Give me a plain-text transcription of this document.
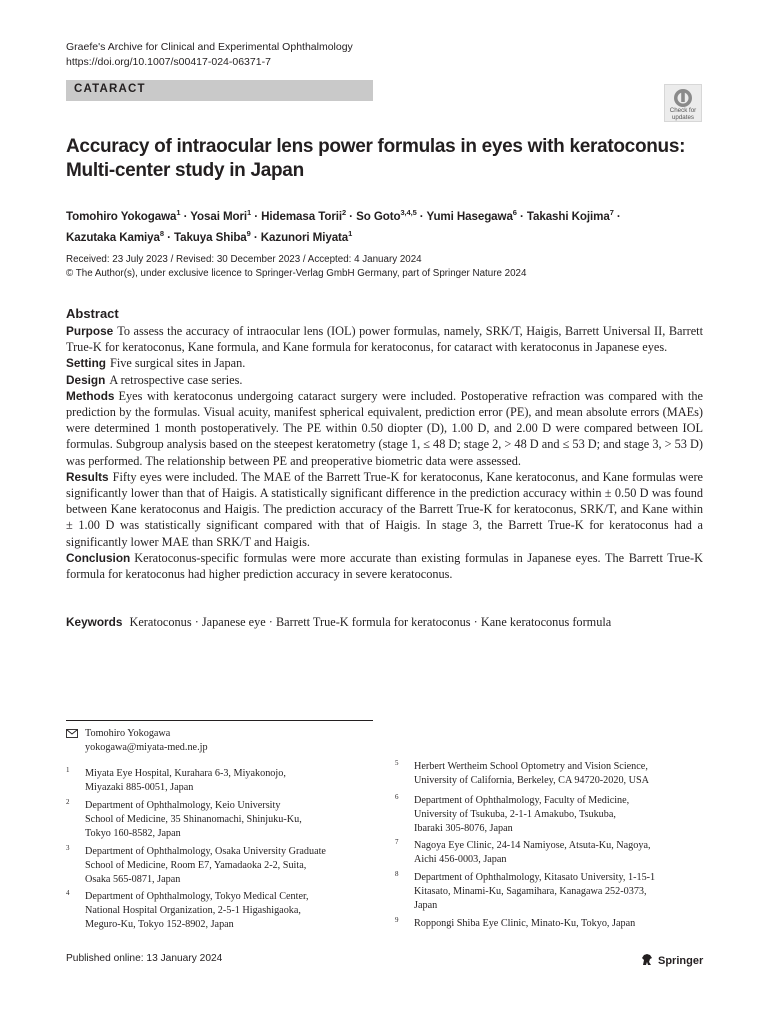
Graefe's Archive for Clinical and Experimental Ophthalmology
https://doi.org/10.1007/s00417-024-06371-7
CATARACT
Check for
updates
Accuracy of intraocular lens power formulas in eyes with keratoconus:
Multi-center study in Japan

Tomohiro Yokogawa$^1$ · Yosai Mori$^1$ · Hidemasa Torii$^2$ · So Goto$^{3,4,5}$ · Yumi Hasegawa$^6$ · Takashi Kojima$^7$ ·
Kazutaka Kamiya$^8$ · Takuya Shiba$^9$ · Kazunori Miyata$^1$

Received: 23 July 2023 / Revised: 30 December 2023 / Accepted: 4 January 2024
© The Author(s), under exclusive licence to Springer-Verlag GmbH Germany, part of Springer Nature 2024
Abstract

Purpose To assess the accuracy of intraocular lens (IOL) power formulas, namely, SRK/T, Haigis, Barrett Universal II, Barrett True-K for keratoconus, Kane formula, and Kane formula for keratoconus, for cataract with keratoconus in Japanese eyes.

Setting Five surgical sites in Japan.

Design A retrospective case series.

Methods Eyes with keratoconus undergoing cataract surgery were included. Postoperative refraction was compared with the prediction by the formulas. Visual acuity, manifest spherical equivalent, prediction error (PE), and mean absolute errors (MAEs) were determined 1 month postoperatively. The PE within 0.50 diopter (D), 1.00 D, and 2.00 D were compared between IOL formulas. Subgroup analysis based on the steepest keratometry (stage 1, ≤ 48 D; stage 2, > 48 D and ≤ 53 D; and stage 3, > 53 D) was performed. The relationship between PE and preoperative biometric data were assessed.

Results Fifty eyes were included. The MAE of the Barrett True-K for keratoconus, Kane keratoconus, and Kane formulas were significantly lower than that of Haigis. A statistically significant difference in the prediction accuracy within ± 0.50 D was found between Kane keratoconus and Haigis. The prediction accuracy of the Barrett True-K for keratoconus, SRK/T, and Kane within ± 1.00 D was statistically significant compared with that of Haigis. In stage 3, the Barrett True-K for keratoconus had a significantly lower MAE than SRK/T and Haigis.

Conclusion Keratoconus-specific formulas were more accurate than existing formulas in Japanese eyes. The Barrett True-K formula for keratoconus had higher prediction accuracy in severe keratoconus.

Keywords Keratoconus · Japanese eye · Barrett True-K formula for keratoconus · Kane keratoconus formula
Tomohiro Yokogawa
yokogawa@miyata-med.ne.jp
1 Miyata Eye Hospital, Kurahara 6-3, Miyakonojo,
Miyazaki 885-0051, Japan
2 Department of Ophthalmology, Keio University
School of Medicine, 35 Shinanomachi, Shinjuku-Ku,
Tokyo 160-8582, Japan
3 Department of Ophthalmology, Osaka University Graduate
School of Medicine, Room E7, Yamadaoka 2-2, Suita,
Osaka 565-0871, Japan
4 Department of Ophthalmology, Tokyo Medical Center,
National Hospital Organization, 2-5-1 Higashigaoka,
Meguro-Ku, Tokyo 152-8902, Japan
5 Herbert Wertheim School Optometry and Vision Science,
University of California, Berkeley, CA 94720-2020, USA
6 Department of Ophthalmology, Faculty of Medicine,
University of Tsukuba, 2-1-1 Amakubo, Tsukuba,
Ibaraki 305-8076, Japan
7 Nagoya Eye Clinic, 24-14 Namiyose, Atsuta-Ku, Nagoya,
Aichi 456-0003, Japan
8 Department of Ophthalmology, Kitasato University, 1-15-1
Kitasato, Minami-Ku, Sagamihara, Kanagawa 252-0373,
Japan
9 Roppongi Shiba Eye Clinic, Minato-Ku, Tokyo, Japan
Published online: 13 January 2024	Springer
